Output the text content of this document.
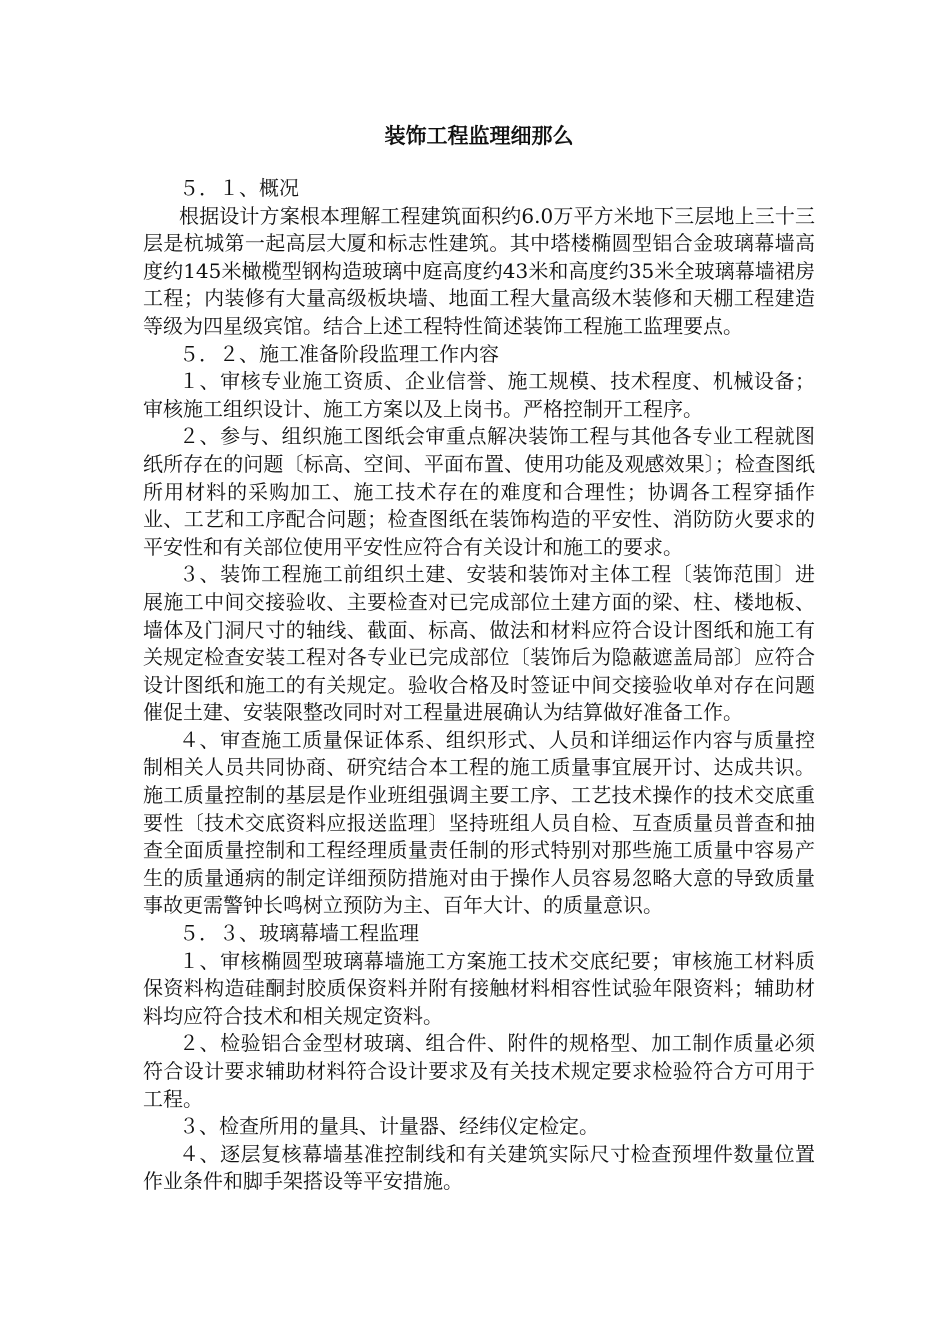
装饰工程监理细那么

５．１、概况

根据设计方案根本理解工程建筑面积约6.0万平方米地下三层地上三十三层是杭城第一起高层大厦和标志性建筑。其中塔楼椭圆型铝合金玻璃幕墙高度约145米橄榄型钢构造玻璃中庭高度约43米和高度约35米全玻璃幕墙裙房工程；内装修有大量高级板块墙、地面工程大量高级木装修和天棚工程建造等级为四星级宾馆。结合上述工程特性简述装饰工程施工监理要点。

５．２、施工准备阶段监理工作内容

１、审核专业施工资质、企业信誉、施工规模、技术程度、机械设备；审核施工组织设计、施工方案以及上岗书。严格控制开工程序。

２、参与、组织施工图纸会审重点解决装饰工程与其他各专业工程就图纸所存在的问题〔标高、空间、平面布置、使用功能及观感效果〕；检查图纸所用材料的采购加工、施工技术存在的难度和合理性；协调各工程穿插作业、工艺和工序配合问题；检查图纸在装饰构造的平安性、消防防火要求的平安性和有关部位使用平安性应符合有关设计和施工的要求。

３、装饰工程施工前组织土建、安装和装饰对主体工程〔装饰范围〕进展施工中间交接验收、主要检查对已完成部位土建方面的梁、柱、楼地板、墙体及门洞尺寸的轴线、截面、标高、做法和材料应符合设计图纸和施工有关规定检查安装工程对各专业已完成部位〔装饰后为隐蔽遮盖局部〕应符合设计图纸和施工的有关规定。验收合格及时签证中间交接验收单对存在问题催促土建、安装限整改同时对工程量进展确认为结算做好准备工作。

４、审查施工质量保证体系、组织形式、人员和详细运作内容与质量控制相关人员共同协商、研究结合本工程的施工质量事宜展开讨、达成共识。施工质量控制的基层是作业班组强调主要工序、工艺技术操作的技术交底重要性〔技术交底资料应报送监理〕坚持班组人员自检、互查质量员普查和抽查全面质量控制和工程经理质量责任制的形式特别对那些施工质量中容易产生的质量通病的制定详细预防措施对由于操作人员容易忽略大意的导致质量事故更需警钟长鸣树立预防为主、百年大计、的质量意识。

５．３、玻璃幕墙工程监理

１、审核椭圆型玻璃幕墙施工方案施工技术交底纪要；审核施工材料质保资料构造硅酮封胶质保资料并附有接触材料相容性试验年限资料；辅助材料均应符合技术和相关规定资料。

２、检验铝合金型材玻璃、组合件、附件的规格型、加工制作质量必须符合设计要求辅助材料符合设计要求及有关技术规定要求检验符合方可用于工程。

３、检查所用的量具、计量器、经纬仪定检定。

４、逐层复核幕墙基准控制线和有关建筑实际尺寸检查预埋件数量位置作业条件和脚手架搭设等平安措施。
